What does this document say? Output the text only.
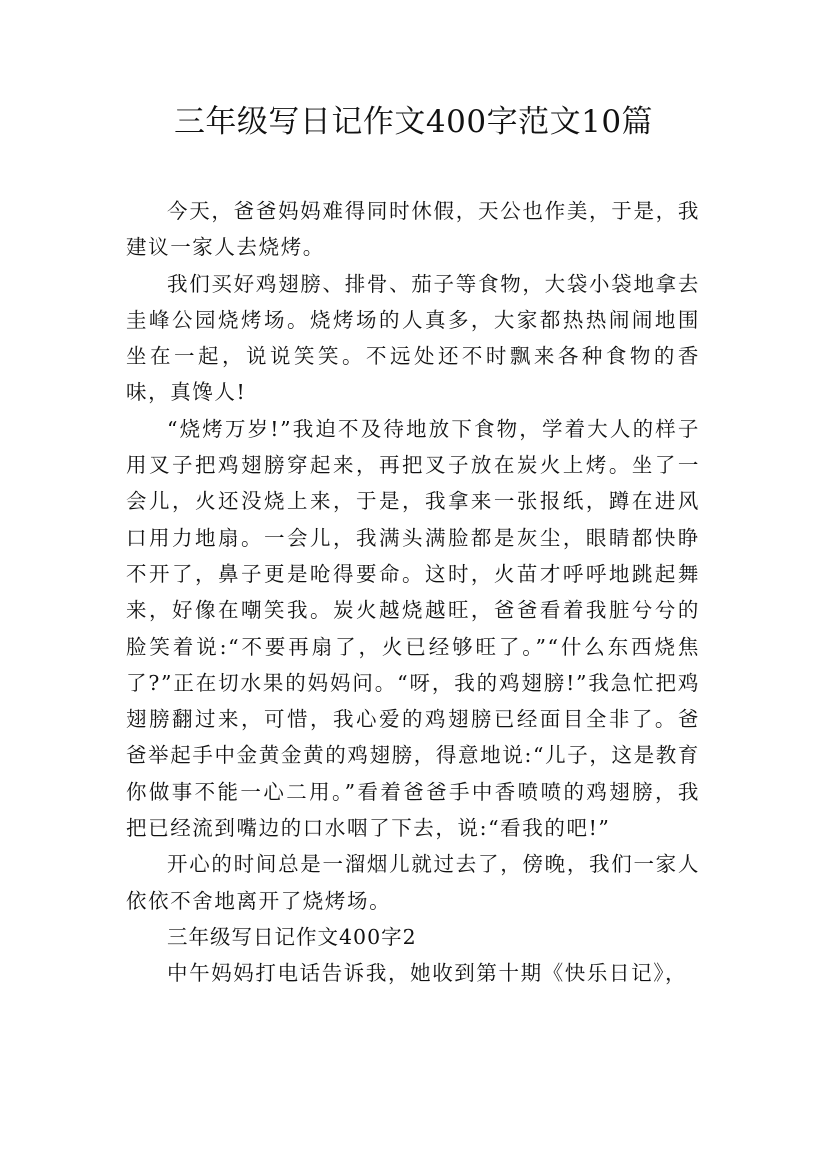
三年级写日记作文400字范文10篇

今天，爸爸妈妈难得同时休假，天公也作美，于是，我建议一家人去烧烤。

我们买好鸡翅膀、排骨、茄子等食物，大袋小袋地拿去圭峰公园烧烤场。烧烤场的人真多，大家都热热闹闹地围坐在一起，说说笑笑。不远处还不时飘来各种食物的香味，真馋人!

“烧烤万岁!”我迫不及待地放下食物，学着大人的样子用叉子把鸡翅膀穿起来，再把叉子放在炭火上烤。坐了一会儿，火还没烧上来，于是，我拿来一张报纸，蹲在进风口用力地扇。一会儿，我满头满脸都是灰尘，眼睛都快睁不开了，鼻子更是呛得要命。这时，火苗才呼呼地跳起舞来，好像在嘲笑我。炭火越烧越旺，爸爸看着我脏兮兮的脸笑着说:“不要再扇了，火已经够旺了。”“什么东西烧焦了?”正在切水果的妈妈问。“呀，我的鸡翅膀!”我急忙把鸡翅膀翻过来，可惜，我心爱的鸡翅膀已经面目全非了。爸爸举起手中金黄金黄的鸡翅膀，得意地说:“儿子，这是教育你做事不能一心二用。”看着爸爸手中香喷喷的鸡翅膀，我把已经流到嘴边的口水咽了下去，说:“看我的吧!”

开心的时间总是一溜烟儿就过去了，傍晚，我们一家人依依不舍地离开了烧烤场。

三年级写日记作文400字2

中午妈妈打电话告诉我，她收到第十期《快乐日记》，
